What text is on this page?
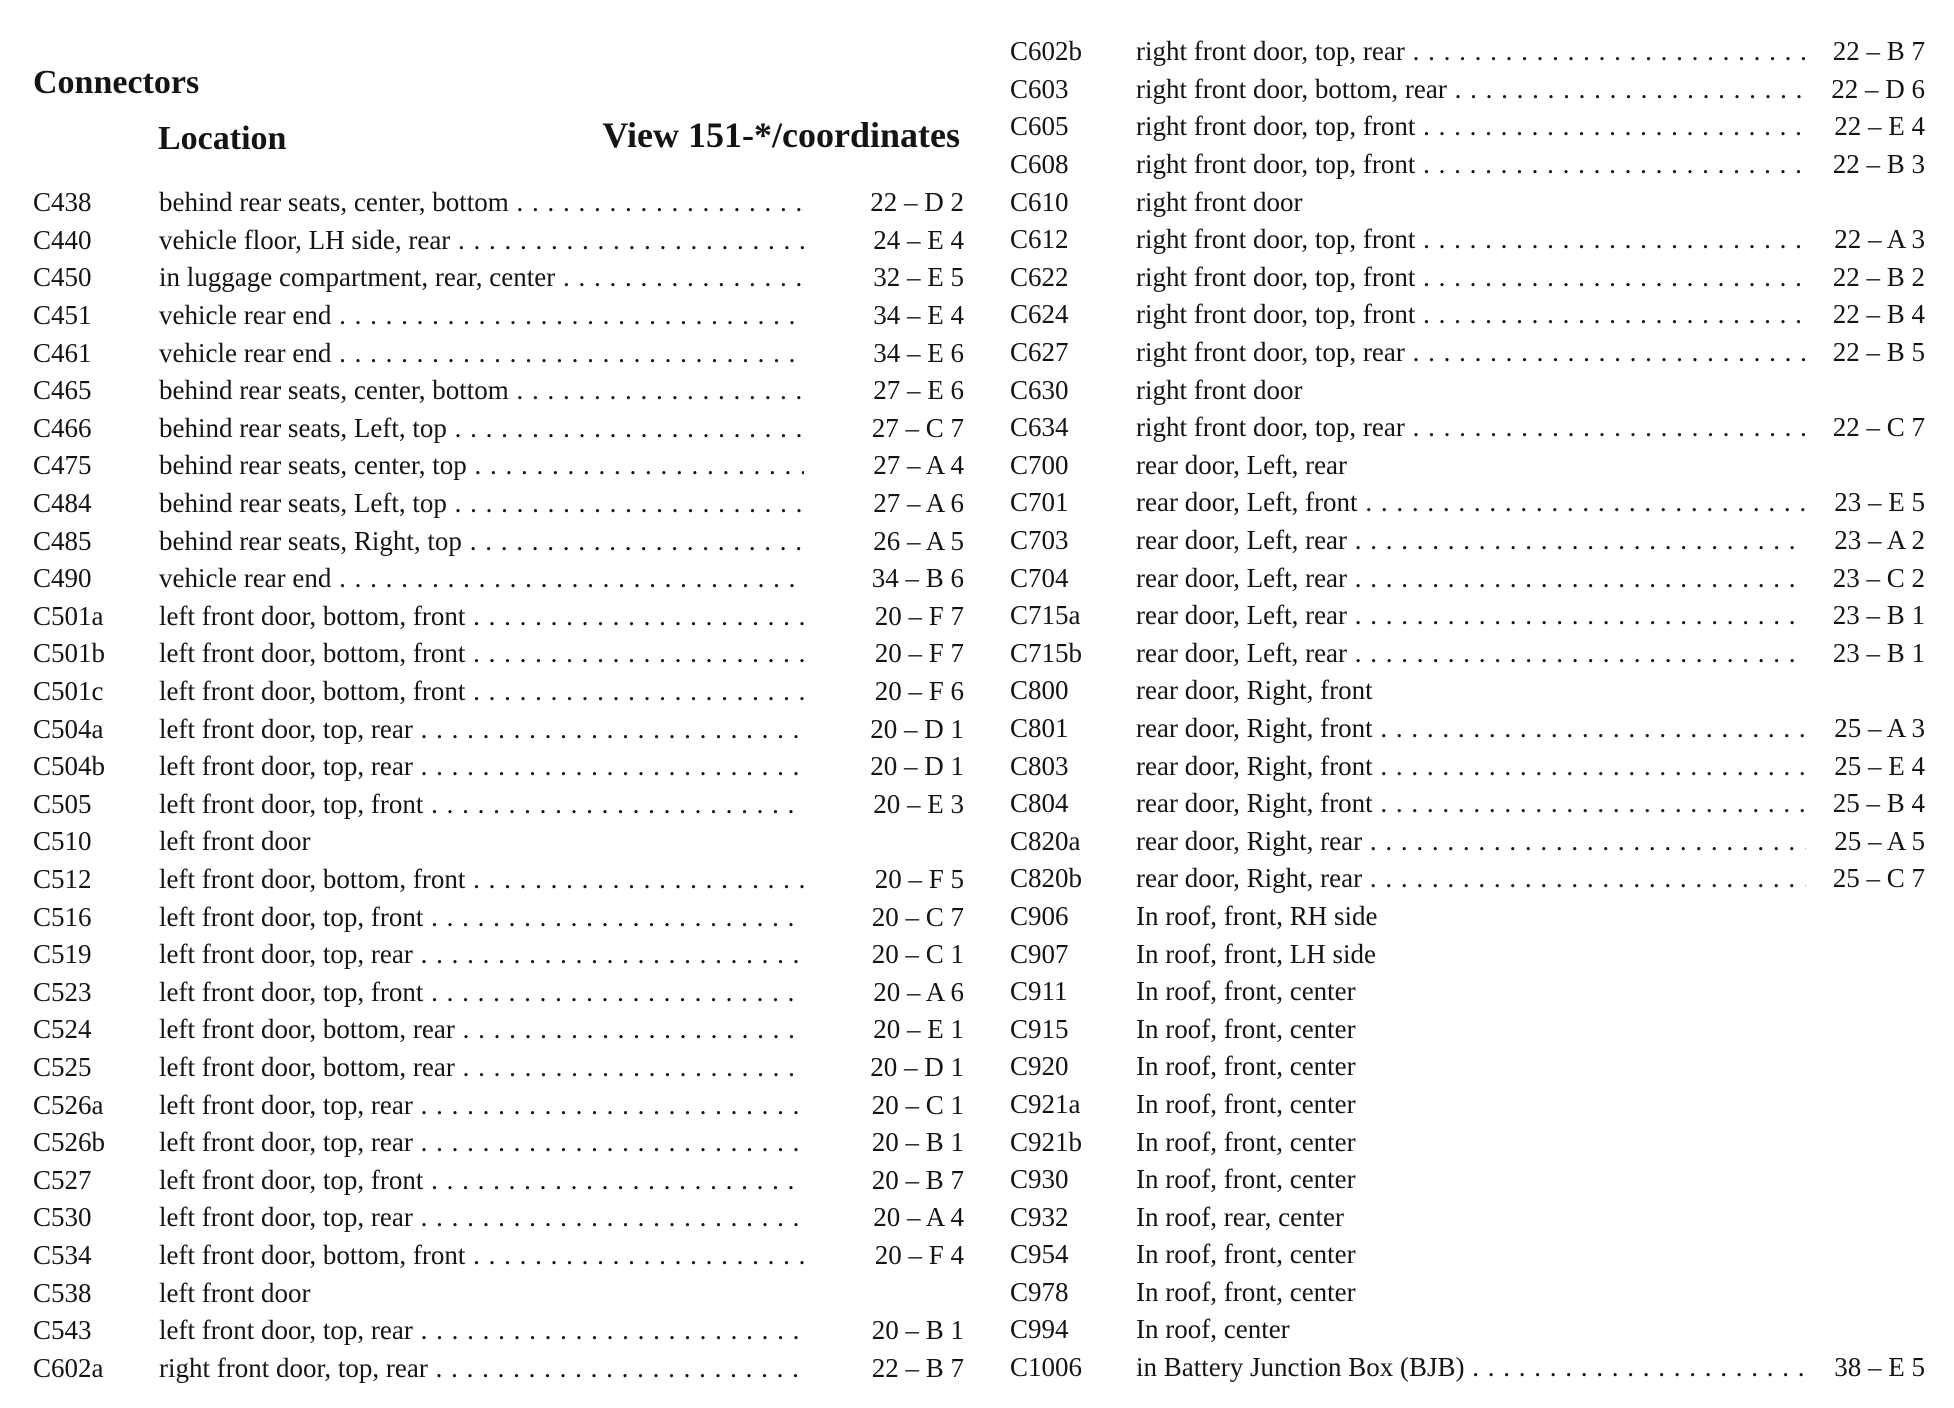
Connectors
Location	View 151-*/coordinates
C438	behind rear seats, center, bottom . . .	22 – D 2
C440	vehicle floor, LH side, rear . . .	24 – E 4
C450	in luggage compartment, rear, center . . .	32 – E 5
C451	vehicle rear end . . .	34 – E 4
C461	vehicle rear end . . .	34 – E 6
C465	behind rear seats, center, bottom . . .	27 – E 6
C466	behind rear seats, Left, top . . .	27 – C 7
C475	behind rear seats, center, top . . .	27 – A 4
C484	behind rear seats, Left, top . . .	27 – A 6
C485	behind rear seats, Right, top . . .	26 – A 5
C490	vehicle rear end . . .	34 – B 6
C501a	left front door, bottom, front . . .	20 – F 7
C501b	left front door, bottom, front . . .	20 – F 7
C501c	left front door, bottom, front . . .	20 – F 6
C504a	left front door, top, rear . . .	20 – D 1
C504b	left front door, top, rear . . .	20 – D 1
C505	left front door, top, front . . .	20 – E 3
C510	left front door
C512	left front door, bottom, front . . .	20 – F 5
C516	left front door, top, front . . .	20 – C 7
C519	left front door, top, rear . . .	20 – C 1
C523	left front door, top, front . . .	20 – A 6
C524	left front door, bottom, rear . . .	20 – E 1
C525	left front door, bottom, rear . . .	20 – D 1
C526a	left front door, top, rear . . .	20 – C 1
C526b	left front door, top, rear . . .	20 – B 1
C527	left front door, top, front . . .	20 – B 7
C530	left front door, top, rear . . .	20 – A 4
C534	left front door, bottom, front . . .	20 – F 4
C538	left front door
C543	left front door, top, rear . . .	20 – B 1
C602a	right front door, top, rear . . .	22 – B 7
C602b	right front door, top, rear . . .	22 – B 7
C603	right front door, bottom, rear . . .	22 – D 6
C605	right front door, top, front . . .	22 – E 4
C608	right front door, top, front . . .	22 – B 3
C610	right front door
C612	right front door, top, front . . .	22 – A 3
C622	right front door, top, front . . .	22 – B 2
C624	right front door, top, front . . .	22 – B 4
C627	right front door, top, rear . . .	22 – B 5
C630	right front door
C634	right front door, top, rear . . .	22 – C 7
C700	rear door, Left, rear
C701	rear door, Left, front . . .	23 – E 5
C703	rear door, Left, rear . . .	23 – A 2
C704	rear door, Left, rear . . .	23 – C 2
C715a	rear door, Left, rear . . .	23 – B 1
C715b	rear door, Left, rear . . .	23 – B 1
C800	rear door, Right, front
C801	rear door, Right, front . . .	25 – A 3
C803	rear door, Right, front . . .	25 – E 4
C804	rear door, Right, front . . .	25 – B 4
C820a	rear door, Right, rear . . .	25 – A 5
C820b	rear door, Right, rear . . .	25 – C 7
C906	In roof, front, RH side
C907	In roof, front, LH side
C911	In roof, front, center
C915	In roof, front, center
C920	In roof, front, center
C921a	In roof, front, center
C921b	In roof, front, center
C930	In roof, front, center
C932	In roof, rear, center
C954	In roof, front, center
C978	In roof, front, center
C994	In roof, center
C1006	in Battery Junction Box (BJB) . . .	38 – E 5
